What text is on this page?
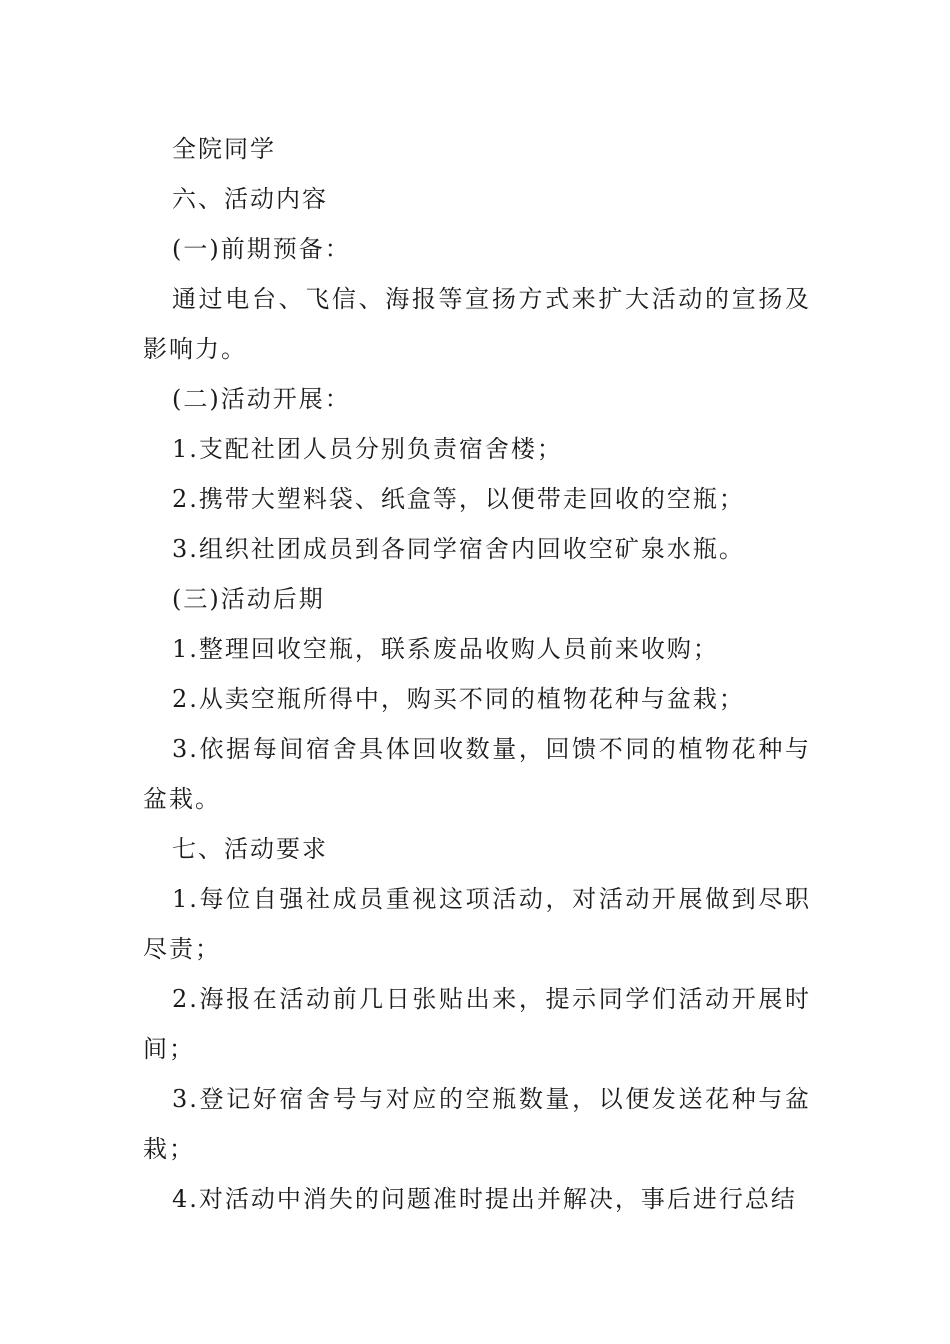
全院同学

六、活动内容

(一)前期预备：

通过电台、飞信、海报等宣扬方式来扩大活动的宣扬及影响力。

(二)活动开展：

1.支配社团人员分别负责宿舍楼；

2.携带大塑料袋、纸盒等，以便带走回收的空瓶；

3.组织社团成员到各同学宿舍内回收空矿泉水瓶。

(三)活动后期

1.整理回收空瓶，联系废品收购人员前来收购；

2.从卖空瓶所得中，购买不同的植物花种与盆栽；

3.依据每间宿舍具体回收数量，回馈不同的植物花种与盆栽。

七、活动要求

1.每位自强社成员重视这项活动，对活动开展做到尽职尽责；

2.海报在活动前几日张贴出来，提示同学们活动开展时间；

3.登记好宿舍号与对应的空瓶数量，以便发送花种与盆栽；

4.对活动中消失的问题准时提出并解决，事后进行总结
